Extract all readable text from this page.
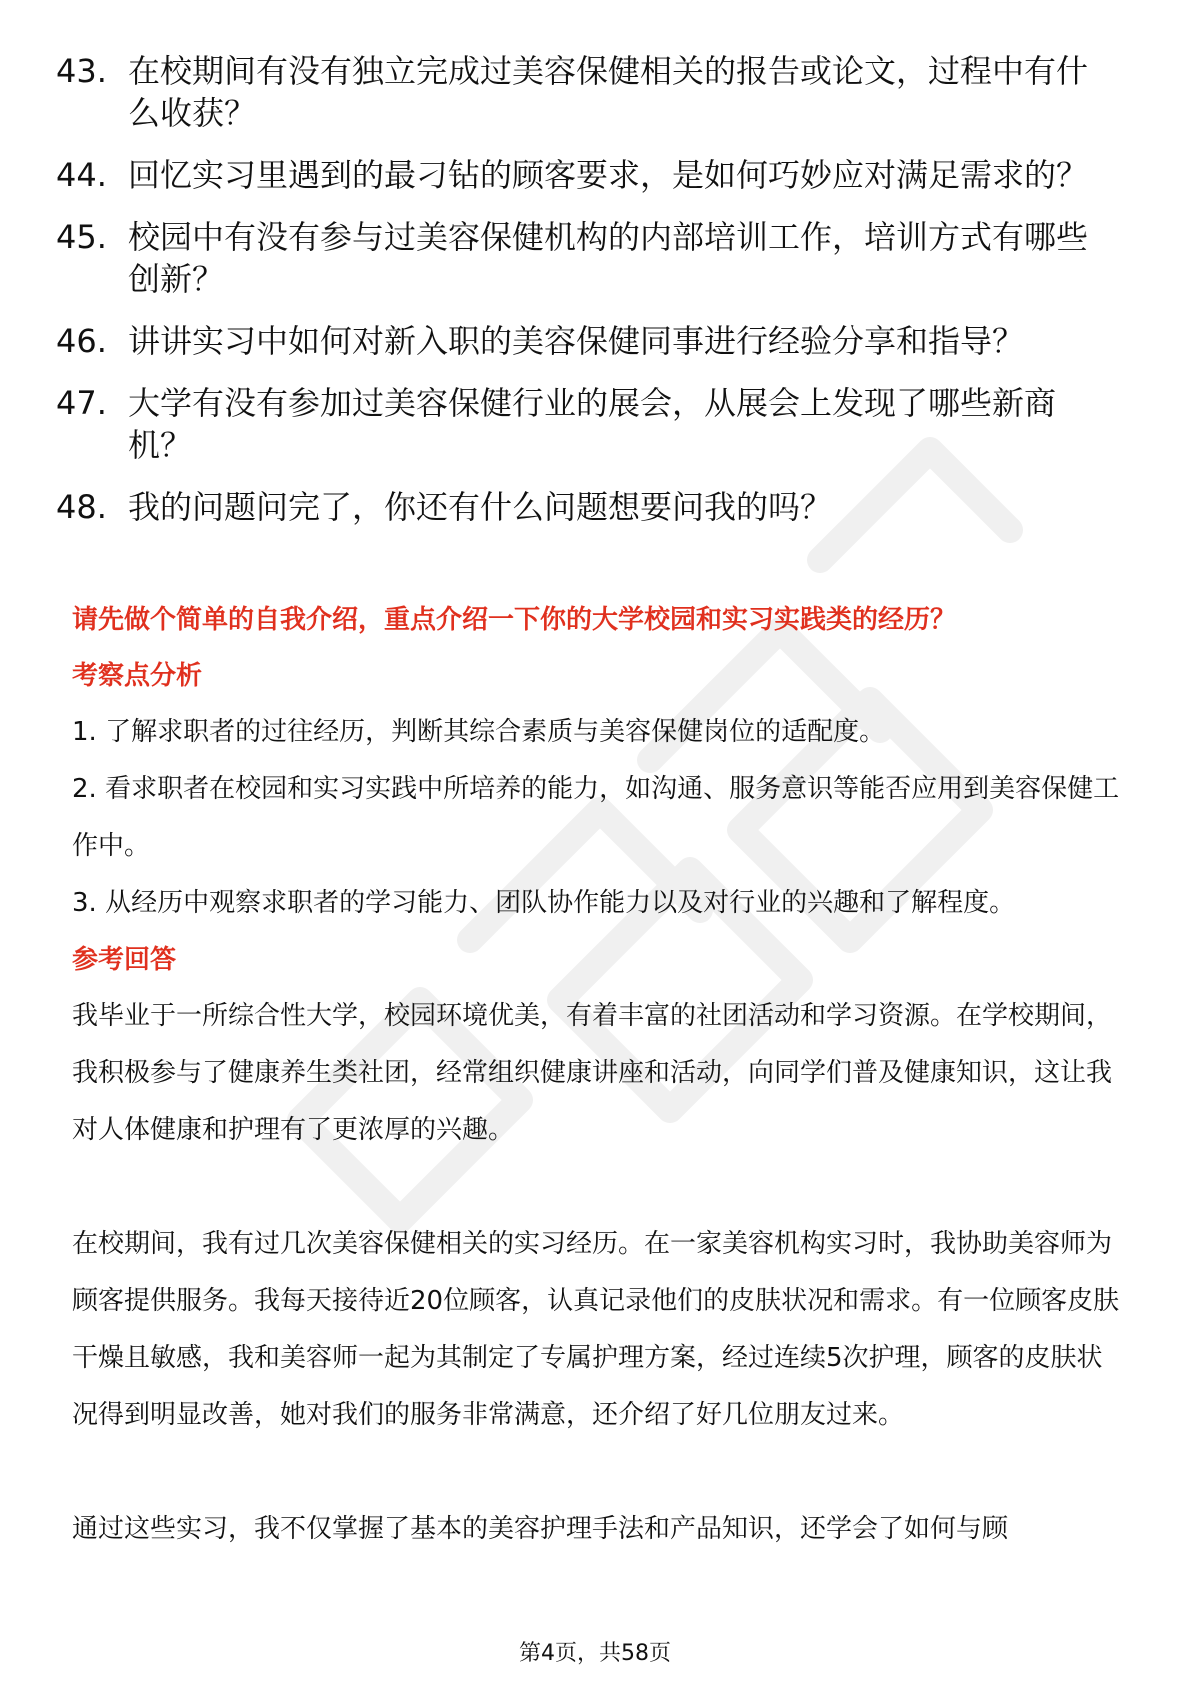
43. 在校期间有没有独立完成过美容保健相关的报告或论文，过程中有什么收获？
44. 回忆实习里遇到的最刁钻的顾客要求，是如何巧妙应对满足需求的？
45. 校园中有没有参与过美容保健机构的内部培训工作，培训方式有哪些创新？
46. 讲讲实习中如何对新入职的美容保健同事进行经验分享和指导？
47. 大学有没有参加过美容保健行业的展会，从展会上发现了哪些新商机？
48. 我的问题问完了，你还有什么问题想要问我的吗？

请先做个简单的自我介绍，重点介绍一下你的大学校园和实习实践类的经历？

考察点分析

1. 了解求职者的过往经历，判断其综合素质与美容保健岗位的适配度。

2. 看求职者在校园和实习实践中所培养的能力，如沟通、服务意识等能否应用到美容保健工作中。

3. 从经历中观察求职者的学习能力、团队协作能力以及对行业的兴趣和了解程度。

参考回答

我毕业于一所综合性大学，校园环境优美，有着丰富的社团活动和学习资源。在学校期间，我积极参与了健康养生类社团，经常组织健康讲座和活动，向同学们普及健康知识，这让我对人体健康和护理有了更浓厚的兴趣。

在校期间，我有过几次美容保健相关的实习经历。在一家美容机构实习时，我协助美容师为顾客提供服务。我每天接待近20位顾客，认真记录他们的皮肤状况和需求。有一位顾客皮肤干燥且敏感，我和美容师一起为其制定了专属护理方案，经过连续5次护理，顾客的皮肤状况得到明显改善，她对我们的服务非常满意，还介绍了好几位朋友过来。

通过这些实习，我不仅掌握了基本的美容护理手法和产品知识，还学会了如何与顾

第4页，共58页
